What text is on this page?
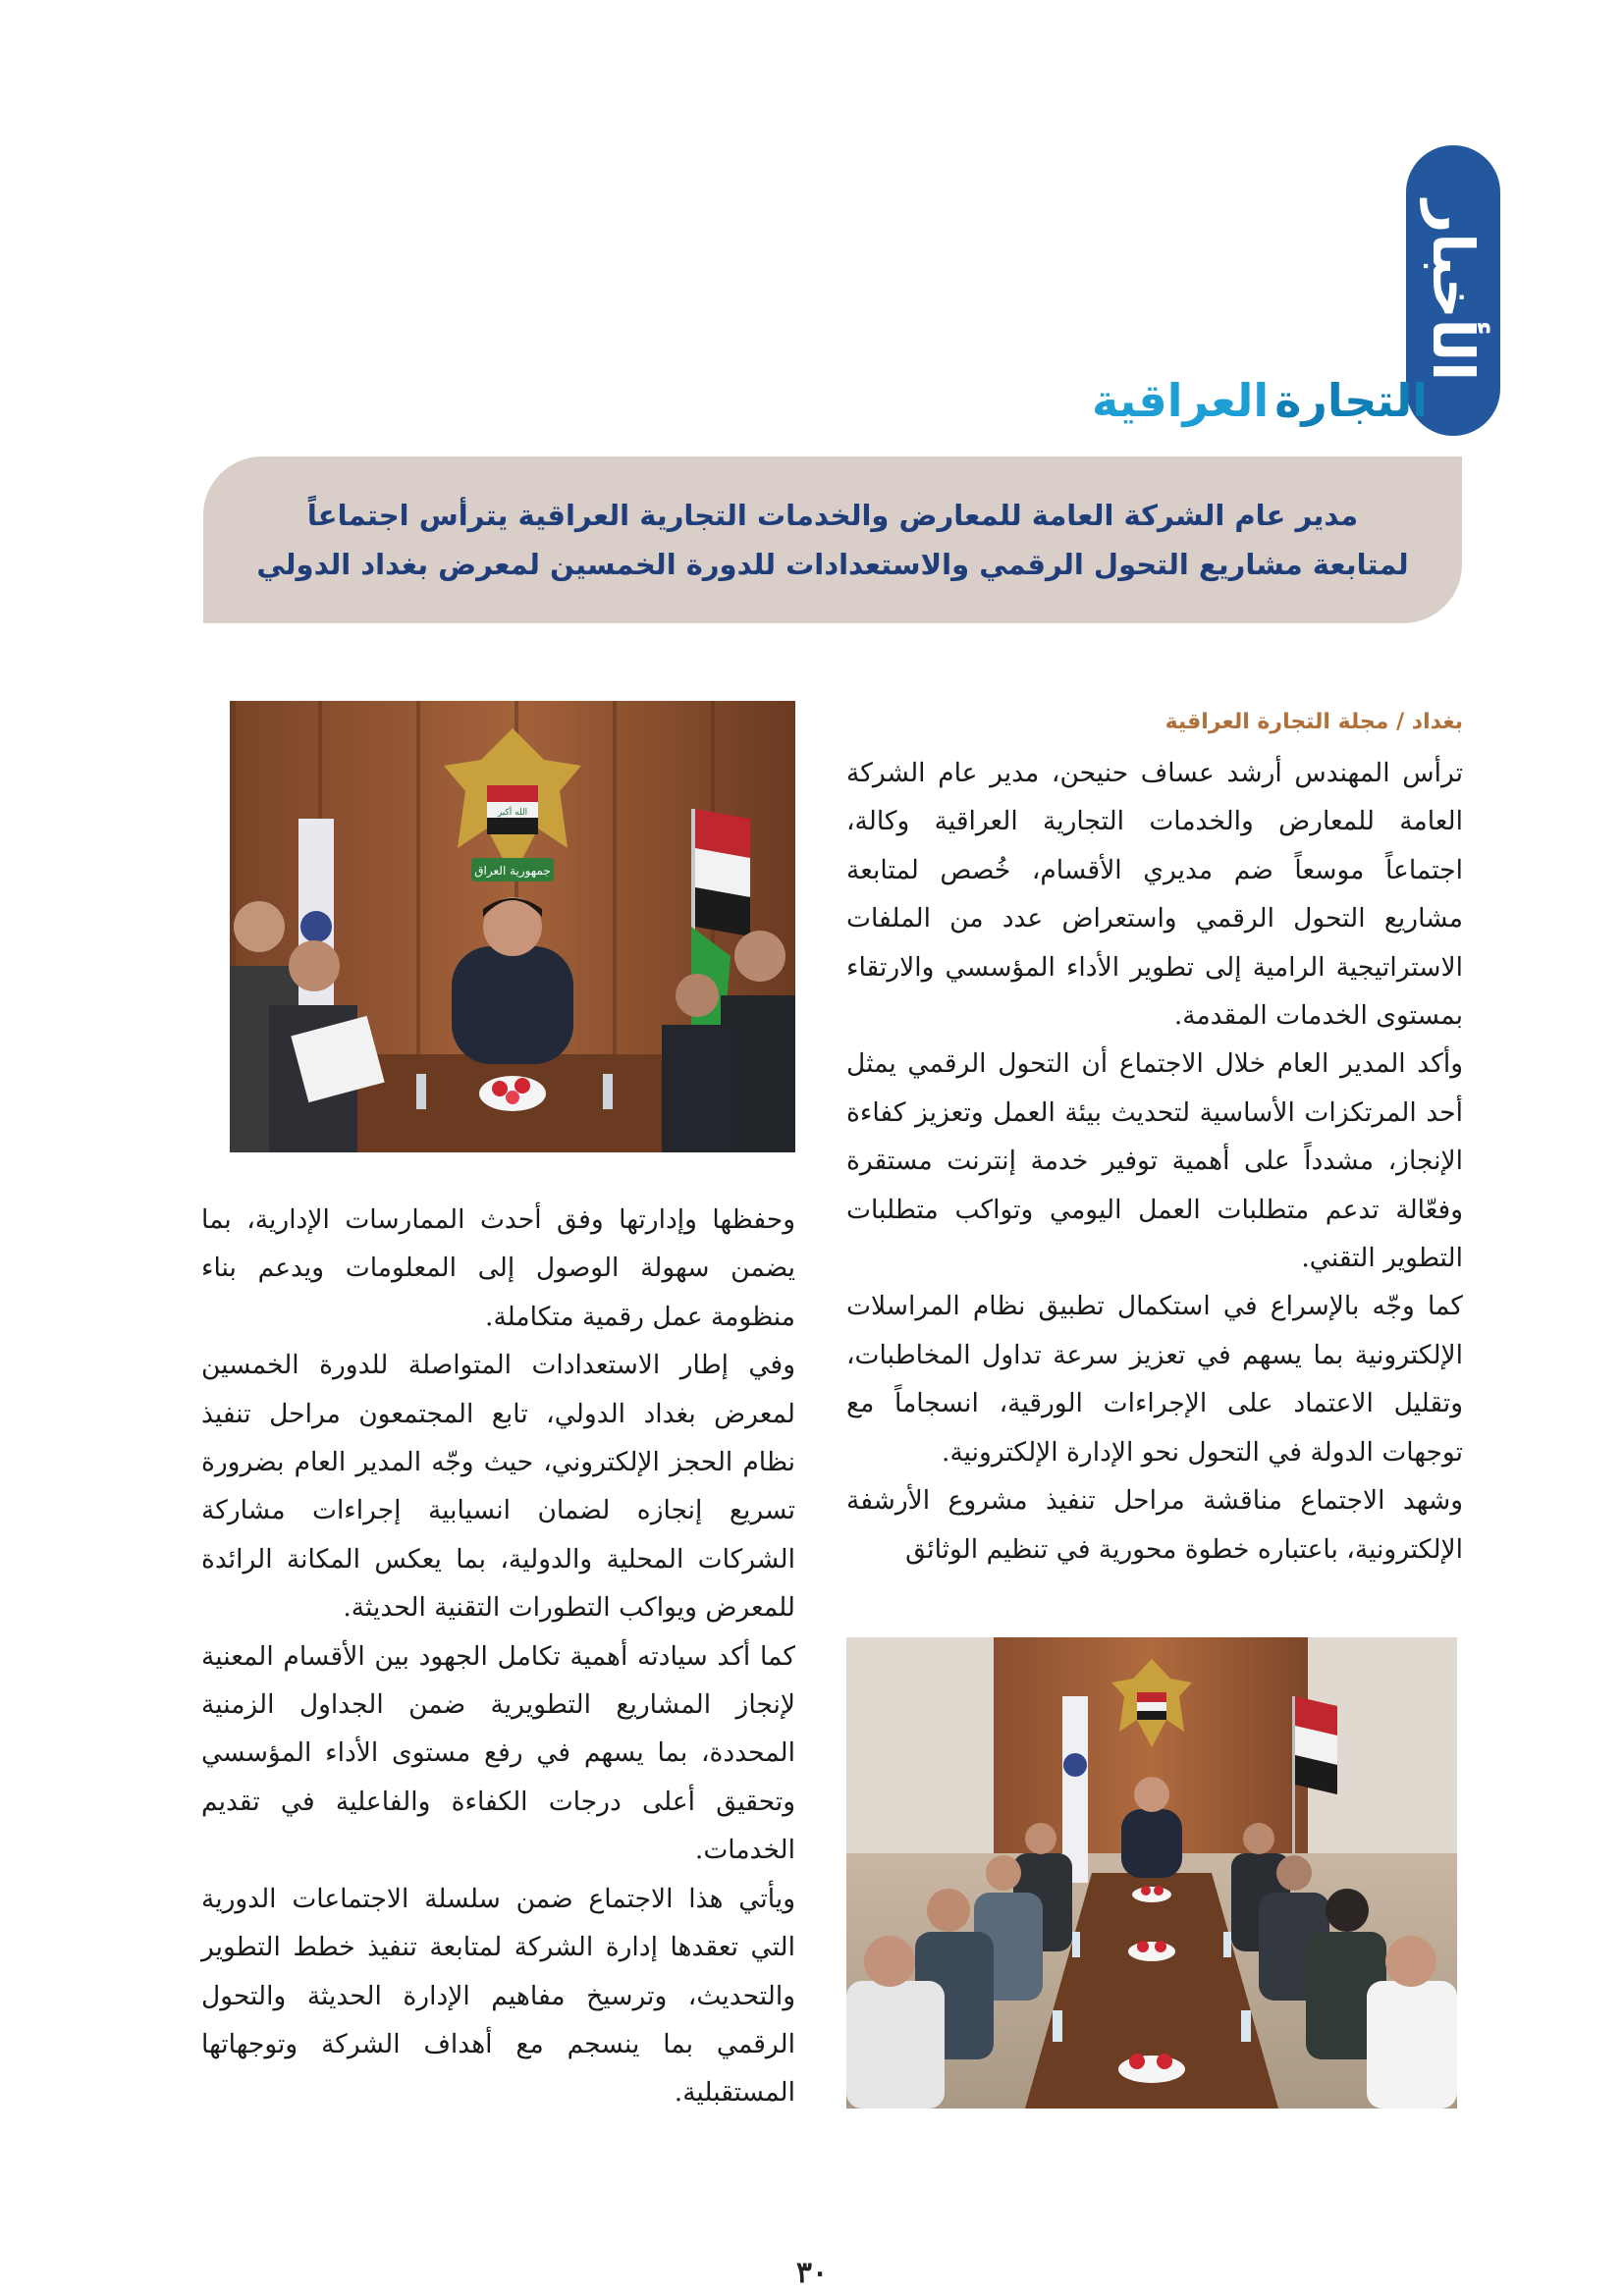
الأخبار
مجلة
التجارة
العراقية
مدير عام الشركة العامة للمعارض والخدمات التجارية العراقية يترأس اجتماعاً
لمتابعة مشاريع التحول الرقمي والاستعدادات للدورة الخمسين لمعرض بغداد الدولي
بغداد / مجلة التجارة العراقية

ترأس المهندس أرشد عساف حنيحن، مدير عام الشركة العامة للمعارض والخدمات التجارية العراقية وكالة، اجتماعاً موسعاً ضم مديري الأقسام، خُصص لمتابعة مشاريع التحول الرقمي واستعراض عدد من الملفات الاستراتيجية الرامية إلى تطوير الأداء المؤسسي والارتقاء بمستوى الخدمات المقدمة.

وأكد المدير العام خلال الاجتماع أن التحول الرقمي يمثل أحد المرتكزات الأساسية لتحديث بيئة العمل وتعزيز كفاءة الإنجاز، مشدداً على أهمية توفير خدمة إنترنت مستقرة وفعّالة تدعم متطلبات العمل اليومي وتواكب متطلبات التطوير التقني.

كما وجّه بالإسراع في استكمال تطبيق نظام المراسلات الإلكترونية بما يسهم في تعزيز سرعة تداول المخاطبات، وتقليل الاعتماد على الإجراءات الورقية، انسجاماً مع توجهات الدولة في التحول نحو الإدارة الإلكترونية.

وشهد الاجتماع مناقشة مراحل تنفيذ مشروع الأرشفة الإلكترونية، باعتباره خطوة محورية في تنظيم الوثائق

وحفظها وإدارتها وفق أحدث الممارسات الإدارية، بما يضمن سهولة الوصول إلى المعلومات ويدعم بناء منظومة عمل رقمية متكاملة.

وفي إطار الاستعدادات المتواصلة للدورة الخمسين لمعرض بغداد الدولي، تابع المجتمعون مراحل تنفيذ نظام الحجز الإلكتروني، حيث وجّه المدير العام بضرورة تسريع إنجازه لضمان انسيابية إجراءات مشاركة الشركات المحلية والدولية، بما يعكس المكانة الرائدة للمعرض ويواكب التطورات التقنية الحديثة.

كما أكد سيادته أهمية تكامل الجهود بين الأقسام المعنية لإنجاز المشاريع التطويرية ضمن الجداول الزمنية المحددة، بما يسهم في رفع مستوى الأداء المؤسسي وتحقيق أعلى درجات الكفاءة والفاعلية في تقديم الخدمات.

ويأتي هذا الاجتماع ضمن سلسلة الاجتماعات الدورية التي تعقدها إدارة الشركة لمتابعة تنفيذ خطط التطوير والتحديث، وترسيخ مفاهيم الإدارة الحديثة والتحول الرقمي بما ينسجم مع أهداف الشركة وتوجهاتها المستقبلية.

الله أكبر
جمهورية العراق
٣٠
